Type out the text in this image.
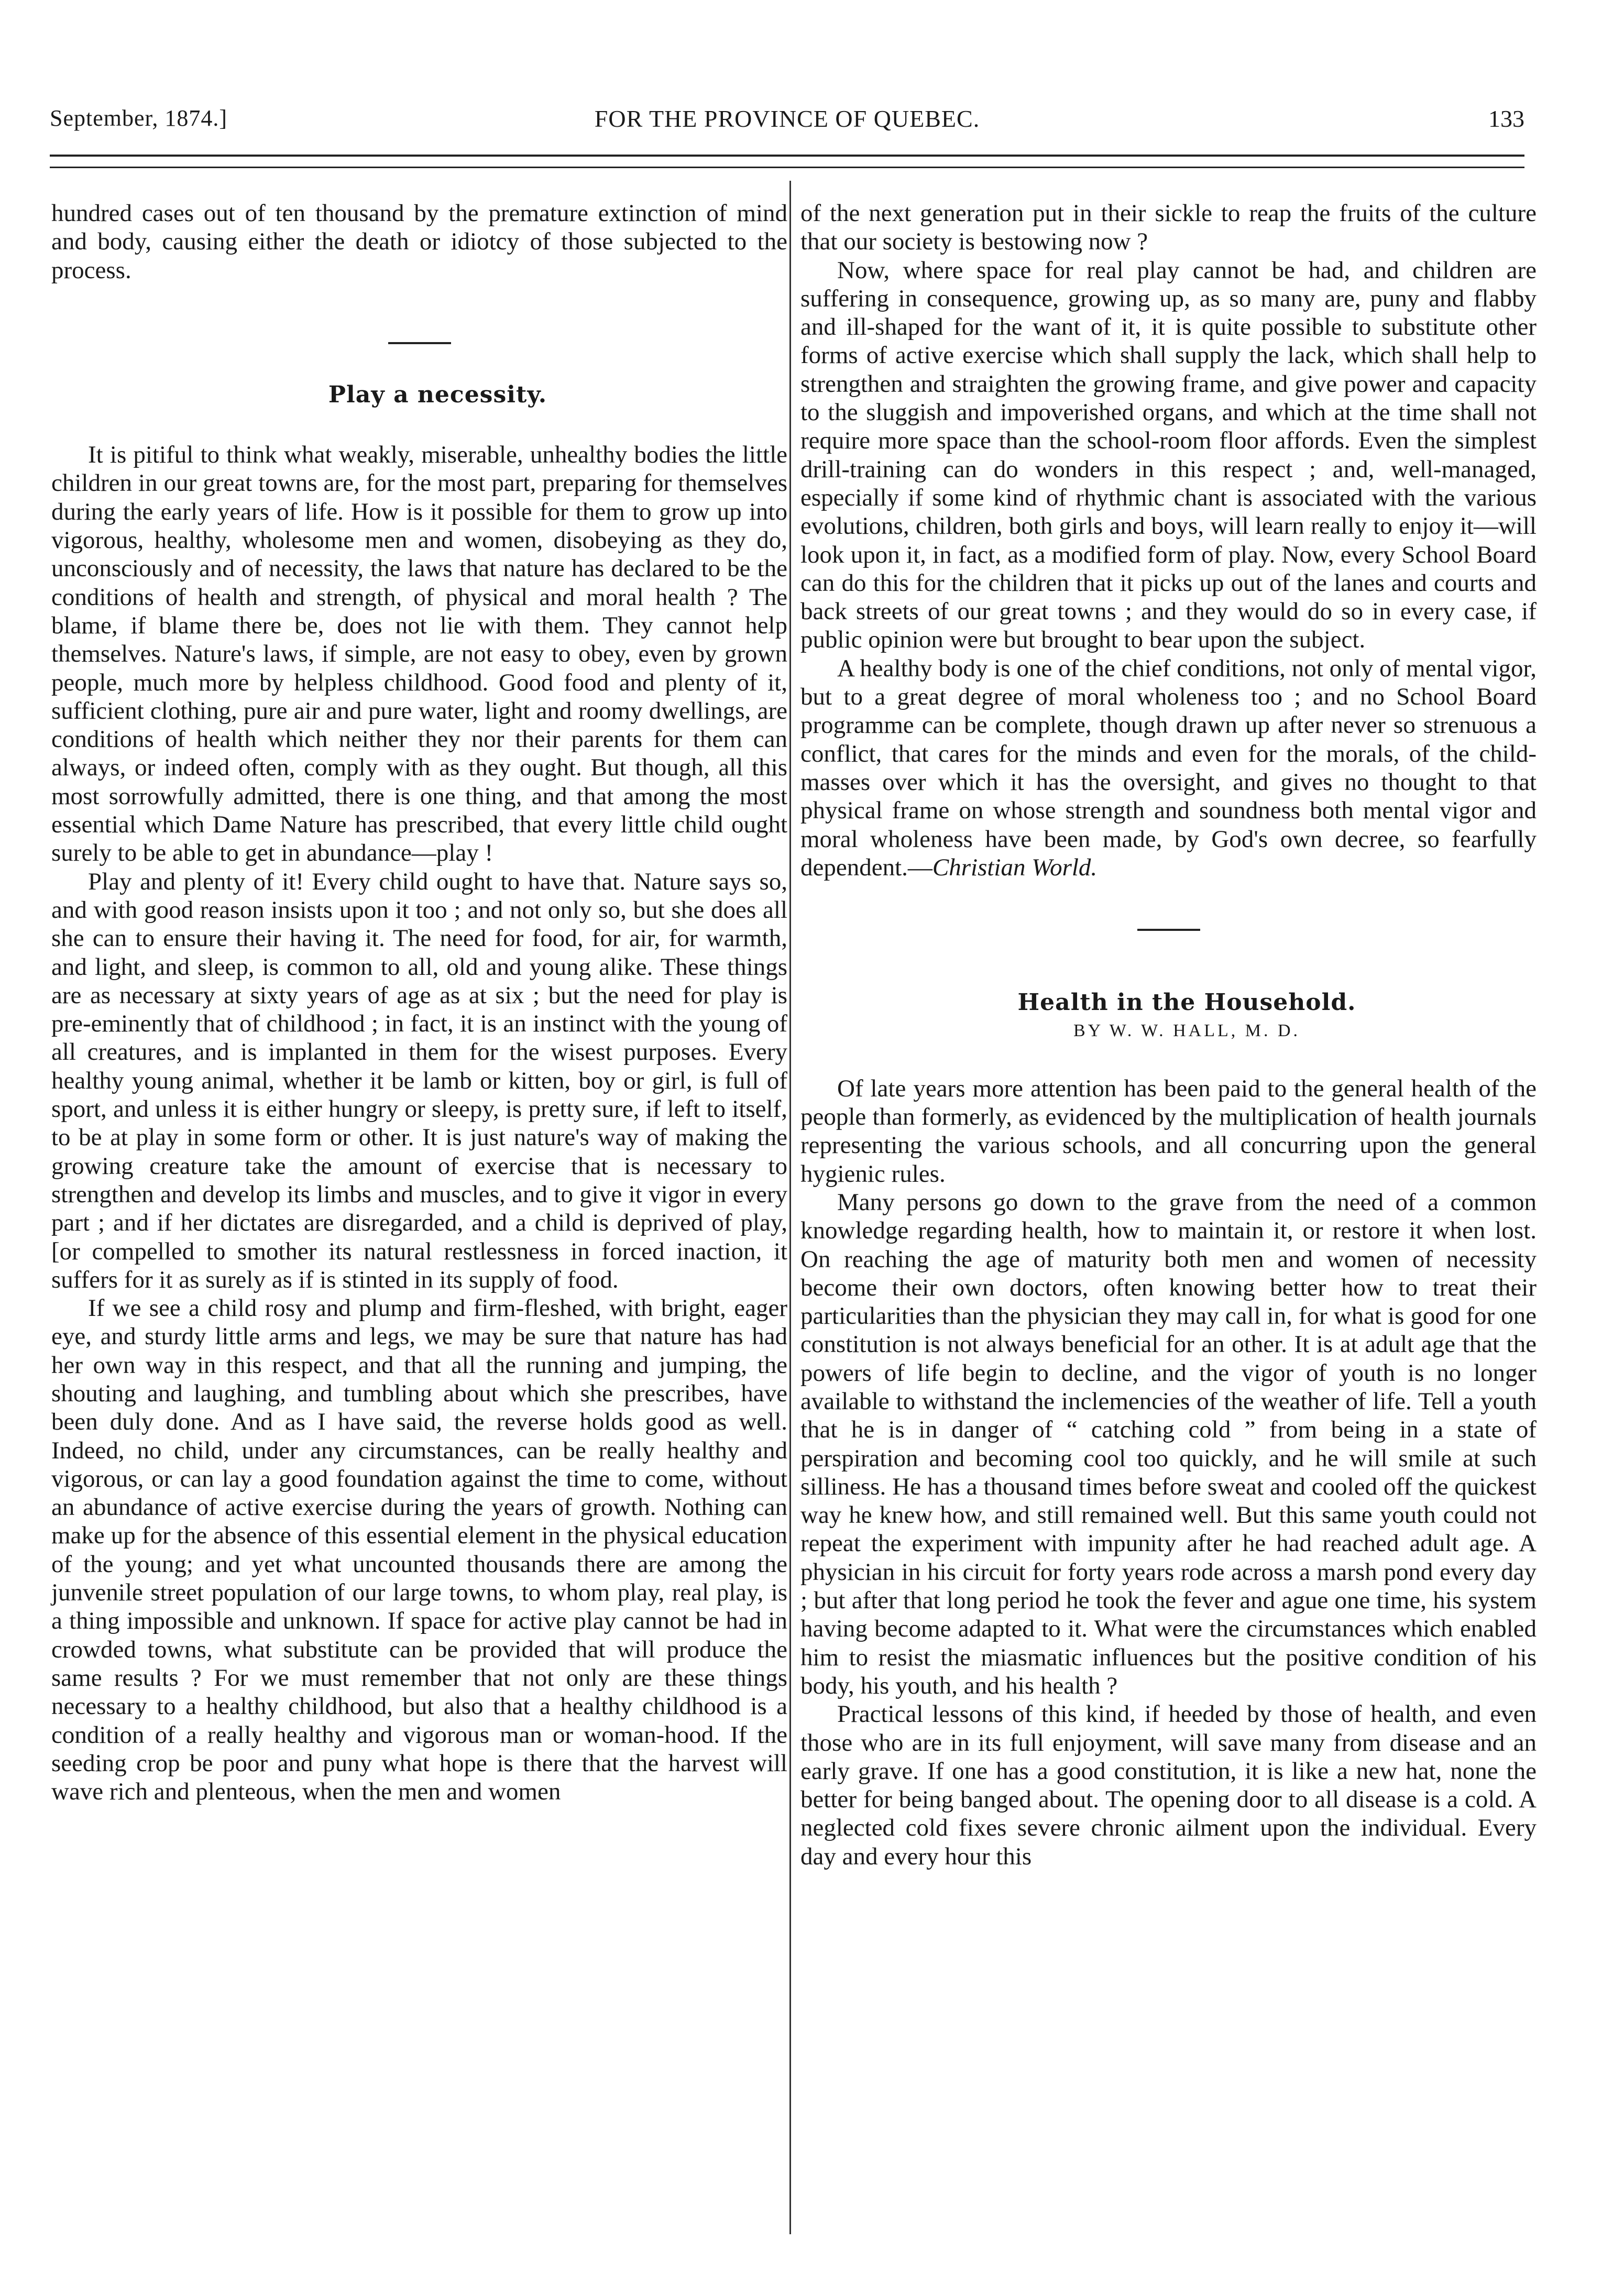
September, 1874.]	FOR THE PROVINCE OF QUEBEC.	133

hundred cases out of ten thousand by the premature extinction of mind and body, causing either the death or idiotcy of those subjected to the process.

Play a necessity.

It is pitiful to think what weakly, miserable, unhealthy bodies the little children in our great towns are, for the most part, preparing for themselves during the early years of life. How is it possible for them to grow up into vigorous, healthy, wholesome men and women, disobeying as they do, unconsciously and of necessity, the laws that nature has declared to be the conditions of health and strength, of physical and moral health ? The blame, if blame there be, does not lie with them. They cannot help themselves. Nature's laws, if simple, are not easy to obey, even by grown people, much more by helpless childhood. Good food and plenty of it, sufficient clothing, pure air and pure water, light and roomy dwellings, are conditions of health which neither they nor their parents for them can always, or indeed often, comply with as they ought. But though, all this most sorrowfully admitted, there is one thing, and that among the most essential which Dame Nature has prescribed, that every little child ought surely to be able to get in abundance—play !

Play and plenty of it! Every child ought to have that. Nature says so, and with good reason insists upon it too ; and not only so, but she does all she can to ensure their having it. The need for food, for air, for warmth, and light, and sleep, is common to all, old and young alike. These things are as necessary at sixty years of age as at six ; but the need for play is pre-eminently that of childhood ; in fact, it is an instinct with the young of all creatures, and is implanted in them for the wisest purposes. Every healthy young animal, whether it be lamb or kitten, boy or girl, is full of sport, and unless it is either hungry or sleepy, is pretty sure, if left to itself, to be at play in some form or other. It is just nature's way of making the growing creature take the amount of exercise that is necessary to strengthen and develop its limbs and muscles, and to give it vigor in every part ; and if her dictates are disregarded, and a child is deprived of play, [or compelled to smother its natural restlessness in forced inaction, it suffers for it as surely as if is stinted in its supply of food.

If we see a child rosy and plump and firm-fleshed, with bright, eager eye, and sturdy little arms and legs, we may be sure that nature has had her own way in this respect, and that all the running and jumping, the shouting and laughing, and tumbling about which she prescribes, have been duly done. And as I have said, the reverse holds good as well. Indeed, no child, under any circumstances, can be really healthy and vigorous, or can lay a good foundation against the time to come, without an abundance of active exercise during the years of growth. Nothing can make up for the absence of this essential element in the physical education of the young; and yet what uncounted thousands there are among the junvenile street population of our large towns, to whom play, real play, is a thing impossible and unknown. If space for active play cannot be had in crowded towns, what substitute can be provided that will produce the same results ? For we must remember that not only are these things necessary to a healthy childhood, but also that a healthy childhood is a condition of a really healthy and vigorous man or woman-hood. If the seeding crop be poor and puny what hope is there that the harvest will wave rich and plenteous, when the men and women

of the next generation put in their sickle to reap the fruits of the culture that our society is bestowing now ?

Now, where space for real play cannot be had, and children are suffering in consequence, growing up, as so many are, puny and flabby and ill-shaped for the want of it, it is quite possible to substitute other forms of active exercise which shall supply the lack, which shall help to strengthen and straighten the growing frame, and give power and capacity to the sluggish and impoverished organs, and which at the time shall not require more space than the school-room floor affords. Even the simplest drill-training can do wonders in this respect ; and, well-managed, especially if some kind of rhythmic chant is associated with the various evolutions, children, both girls and boys, will learn really to enjoy it—will look upon it, in fact, as a modified form of play. Now, every School Board can do this for the children that it picks up out of the lanes and courts and back streets of our great towns ; and they would do so in every case, if public opinion were but brought to bear upon the subject.

A healthy body is one of the chief conditions, not only of mental vigor, but to a great degree of moral wholeness too ; and no School Board programme can be complete, though drawn up after never so strenuous a conflict, that cares for the minds and even for the morals, of the child-masses over which it has the oversight, and gives no thought to that physical frame on whose strength and soundness both mental vigor and moral wholeness have been made, by God's own decree, so fearfully dependent.—Christian World.

Health in the Household.

BY W. W. HALL, M. D.

Of late years more attention has been paid to the general health of the people than formerly, as evidenced by the multiplication of health journals representing the various schools, and all concurring upon the general hygienic rules.

Many persons go down to the grave from the need of a common knowledge regarding health, how to maintain it, or restore it when lost. On reaching the age of maturity both men and women of necessity become their own doctors, often knowing better how to treat their particularities than the physician they may call in, for what is good for one constitution is not always beneficial for an other. It is at adult age that the powers of life begin to decline, and the vigor of youth is no longer available to withstand the inclemencies of the weather of life. Tell a youth that he is in danger of “ catching cold ” from being in a state of perspiration and becoming cool too quickly, and he will smile at such silliness. He has a thousand times before sweat and cooled off the quickest way he knew how, and still remained well. But this same youth could not repeat the experiment with impunity after he had reached adult age. A physician in his circuit for forty years rode across a marsh pond every day ; but after that long period he took the fever and ague one time, his system having become adapted to it. What were the circumstances which enabled him to resist the miasmatic influences but the positive condition of his body, his youth, and his health ?

Practical lessons of this kind, if heeded by those of health, and even those who are in its full enjoyment, will save many from disease and an early grave. If one has a good constitution, it is like a new hat, none the better for being banged about. The opening door to all disease is a cold. A neglected cold fixes severe chronic ailment upon the individual. Every day and every hour this
